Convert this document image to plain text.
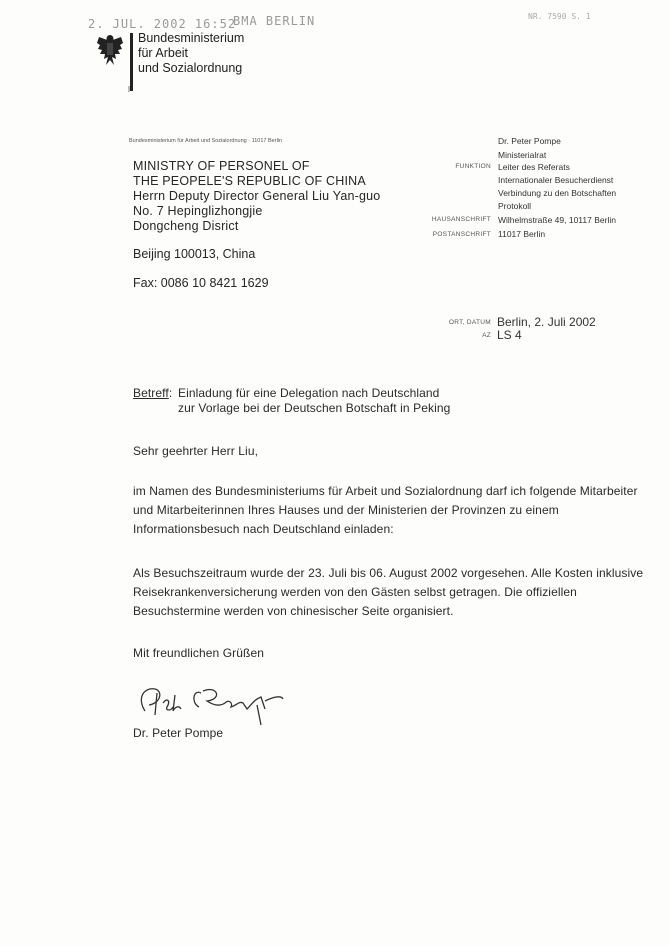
2. JUL. 2002 16:52
BMA BERLIN	NR. 7590 S. 1
Bundesministerium
für Arbeit
und Sozialordnung
Bundesministerium für Arbeit und Sozialordnung · 11017 Berlin
MINISTRY OF PERSONEL OF
THE PEOPELE'S REPUBLIC OF CHINA
Herrn Deputy Director General Liu Yan-guo
No. 7 Hepinglizhongjie
Dongcheng Disrict
Beijing 100013, China
Fax: 0086 10 8421 1629
Dr. Peter Pompe
Ministerialrat
FUNKTION Leiter des Referats
Internationaler Besucherdienst
Verbindung zu den Botschaften
Protokoll
HAUSANSCHRIFT Wilhelmstraße 49, 10117 Berlin
POSTANSCHRIFT 11017 Berlin
ORT, DATUM Berlin, 2. Juli 2002
AZ LS 4
Betreff: Einladung für eine Delegation nach Deutschland
zur Vorlage bei der Deutschen Botschaft in Peking
Sehr geehrter Herr Liu,
im Namen des Bundesministeriums für Arbeit und Sozialordnung darf ich folgende Mitarbeiter
und Mitarbeiterinnen Ihres Hauses und der Ministerien der Provinzen zu einem
Informationsbesuch nach Deutschland einladen:
Als Besuchszeitraum wurde der 23. Juli bis 06. August 2002 vorgesehen. Alle Kosten inklusive
Reisekrankenversicherung werden von den Gästen selbst getragen. Die offiziellen
Besuchstermine werden von chinesischer Seite organisiert.
Mit freundlichen Grüßen
Dr. Peter Pompe
